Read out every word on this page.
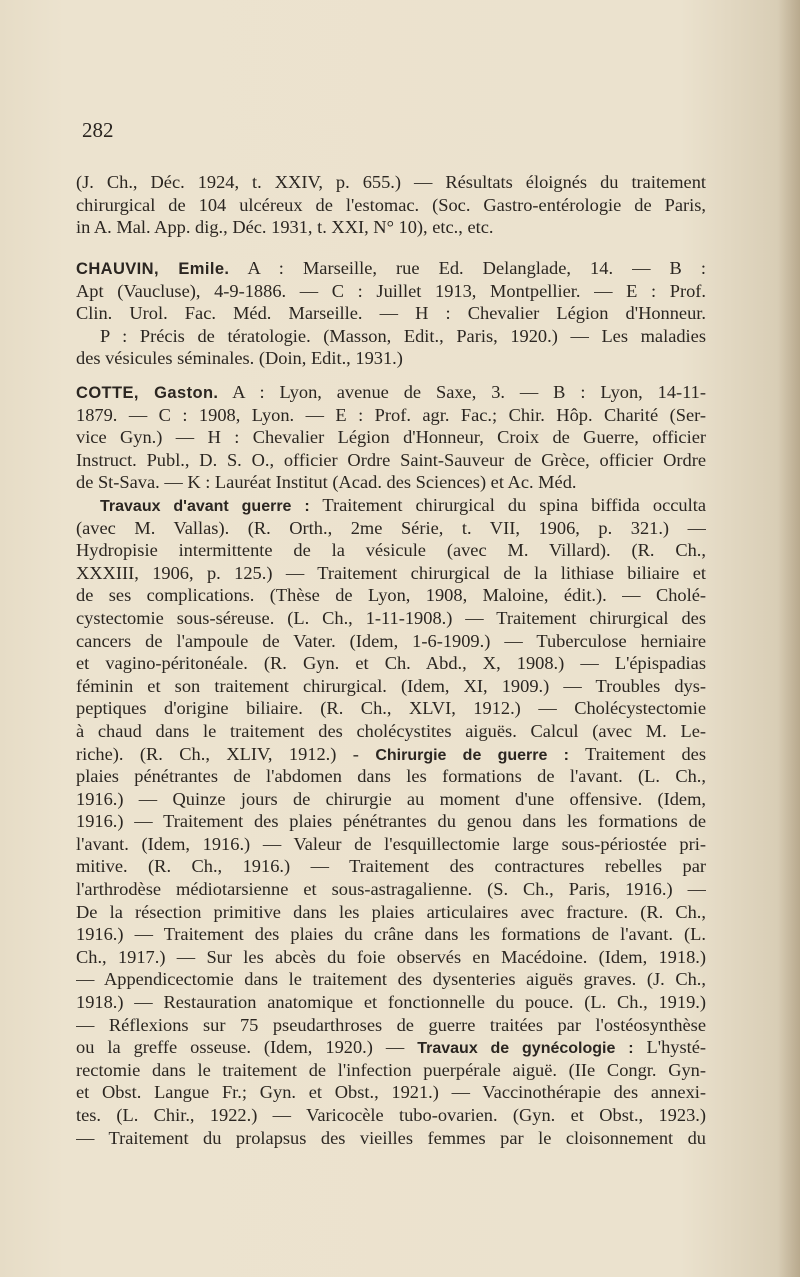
282
(J. Ch., Déc. 1924, t. XXIV, p. 655.) — Résultats éloignés du traitement
chirurgical de 104 ulcéreux de l'estomac. (Soc. Gastro-entérologie de Paris,
in A. Mal. App. dig., Déc. 1931, t. XXI, N° 10), etc., etc.
CHAUVIN, Emile. A : Marseille, rue Ed. Delanglade, 14. — B :
Apt (Vaucluse), 4-9-1886. — C : Juillet 1913, Montpellier. — E : Prof.
Clin. Urol. Fac. Méd. Marseille. — H : Chevalier Légion d'Honneur.
P : Précis de tératologie. (Masson, Edit., Paris, 1920.) — Les maladies
des vésicules séminales. (Doin, Edit., 1931.)
COTTE, Gaston. A : Lyon, avenue de Saxe, 3. — B : Lyon, 14-11-
1879. — C : 1908, Lyon. — E : Prof. agr. Fac.; Chir. Hôp. Charité (Ser-
vice Gyn.) — H : Chevalier Légion d'Honneur, Croix de Guerre, officier
Instruct. Publ., D. S. O., officier Ordre Saint-Sauveur de Grèce, officier Ordre
de St-Sava. — K : Lauréat Institut (Acad. des Sciences) et Ac. Méd.
Travaux d'avant guerre : Traitement chirurgical du spina biffida occulta
(avec M. Vallas). (R. Orth., 2me Série, t. VII, 1906, p. 321.) —
Hydropisie intermittente de la vésicule (avec M. Villard). (R. Ch.,
XXXIII, 1906, p. 125.) — Traitement chirurgical de la lithiase biliaire et
de ses complications. (Thèse de Lyon, 1908, Maloine, édit.). — Cholé-
cystectomie sous-séreuse. (L. Ch., 1-11-1908.) — Traitement chirurgical des
cancers de l'ampoule de Vater. (Idem, 1-6-1909.) — Tuberculose herniaire
et vagino-péritonéale. (R. Gyn. et Ch. Abd., X, 1908.) — L'épispadias
féminin et son traitement chirurgical. (Idem, XI, 1909.) — Troubles dys-
peptiques d'origine biliaire. (R. Ch., XLVI, 1912.) — Cholécystectomie
à chaud dans le traitement des cholécystites aiguës. Calcul (avec M. Le-
riche). (R. Ch., XLIV, 1912.) - Chirurgie de guerre : Traitement des
plaies pénétrantes de l'abdomen dans les formations de l'avant. (L. Ch.,
1916.) — Quinze jours de chirurgie au moment d'une offensive. (Idem,
1916.) — Traitement des plaies pénétrantes du genou dans les formations de
l'avant. (Idem, 1916.) — Valeur de l'esquillectomie large sous-périostée pri-
mitive. (R. Ch., 1916.) — Traitement des contractures rebelles par
l'arthrodèse médiotarsienne et sous-astragalienne. (S. Ch., Paris, 1916.) —
De la résection primitive dans les plaies articulaires avec fracture. (R. Ch.,
1916.) — Traitement des plaies du crâne dans les formations de l'avant. (L.
Ch., 1917.) — Sur les abcès du foie observés en Macédoine. (Idem, 1918.)
— Appendicectomie dans le traitement des dysenteries aiguës graves. (J. Ch.,
1918.) — Restauration anatomique et fonctionnelle du pouce. (L. Ch., 1919.)
— Réflexions sur 75 pseudarthroses de guerre traitées par l'ostéosynthèse
ou la greffe osseuse. (Idem, 1920.) — Travaux de gynécologie : L'hysté-
rectomie dans le traitement de l'infection puerpérale aiguë. (IIe Congr. Gyn-
et Obst. Langue Fr.; Gyn. et Obst., 1921.) — Vaccinothérapie des annexi-
tes. (L. Chir., 1922.) — Varicocèle tubo-ovarien. (Gyn. et Obst., 1923.)
— Traitement du prolapsus des vieilles femmes par le cloisonnement du
